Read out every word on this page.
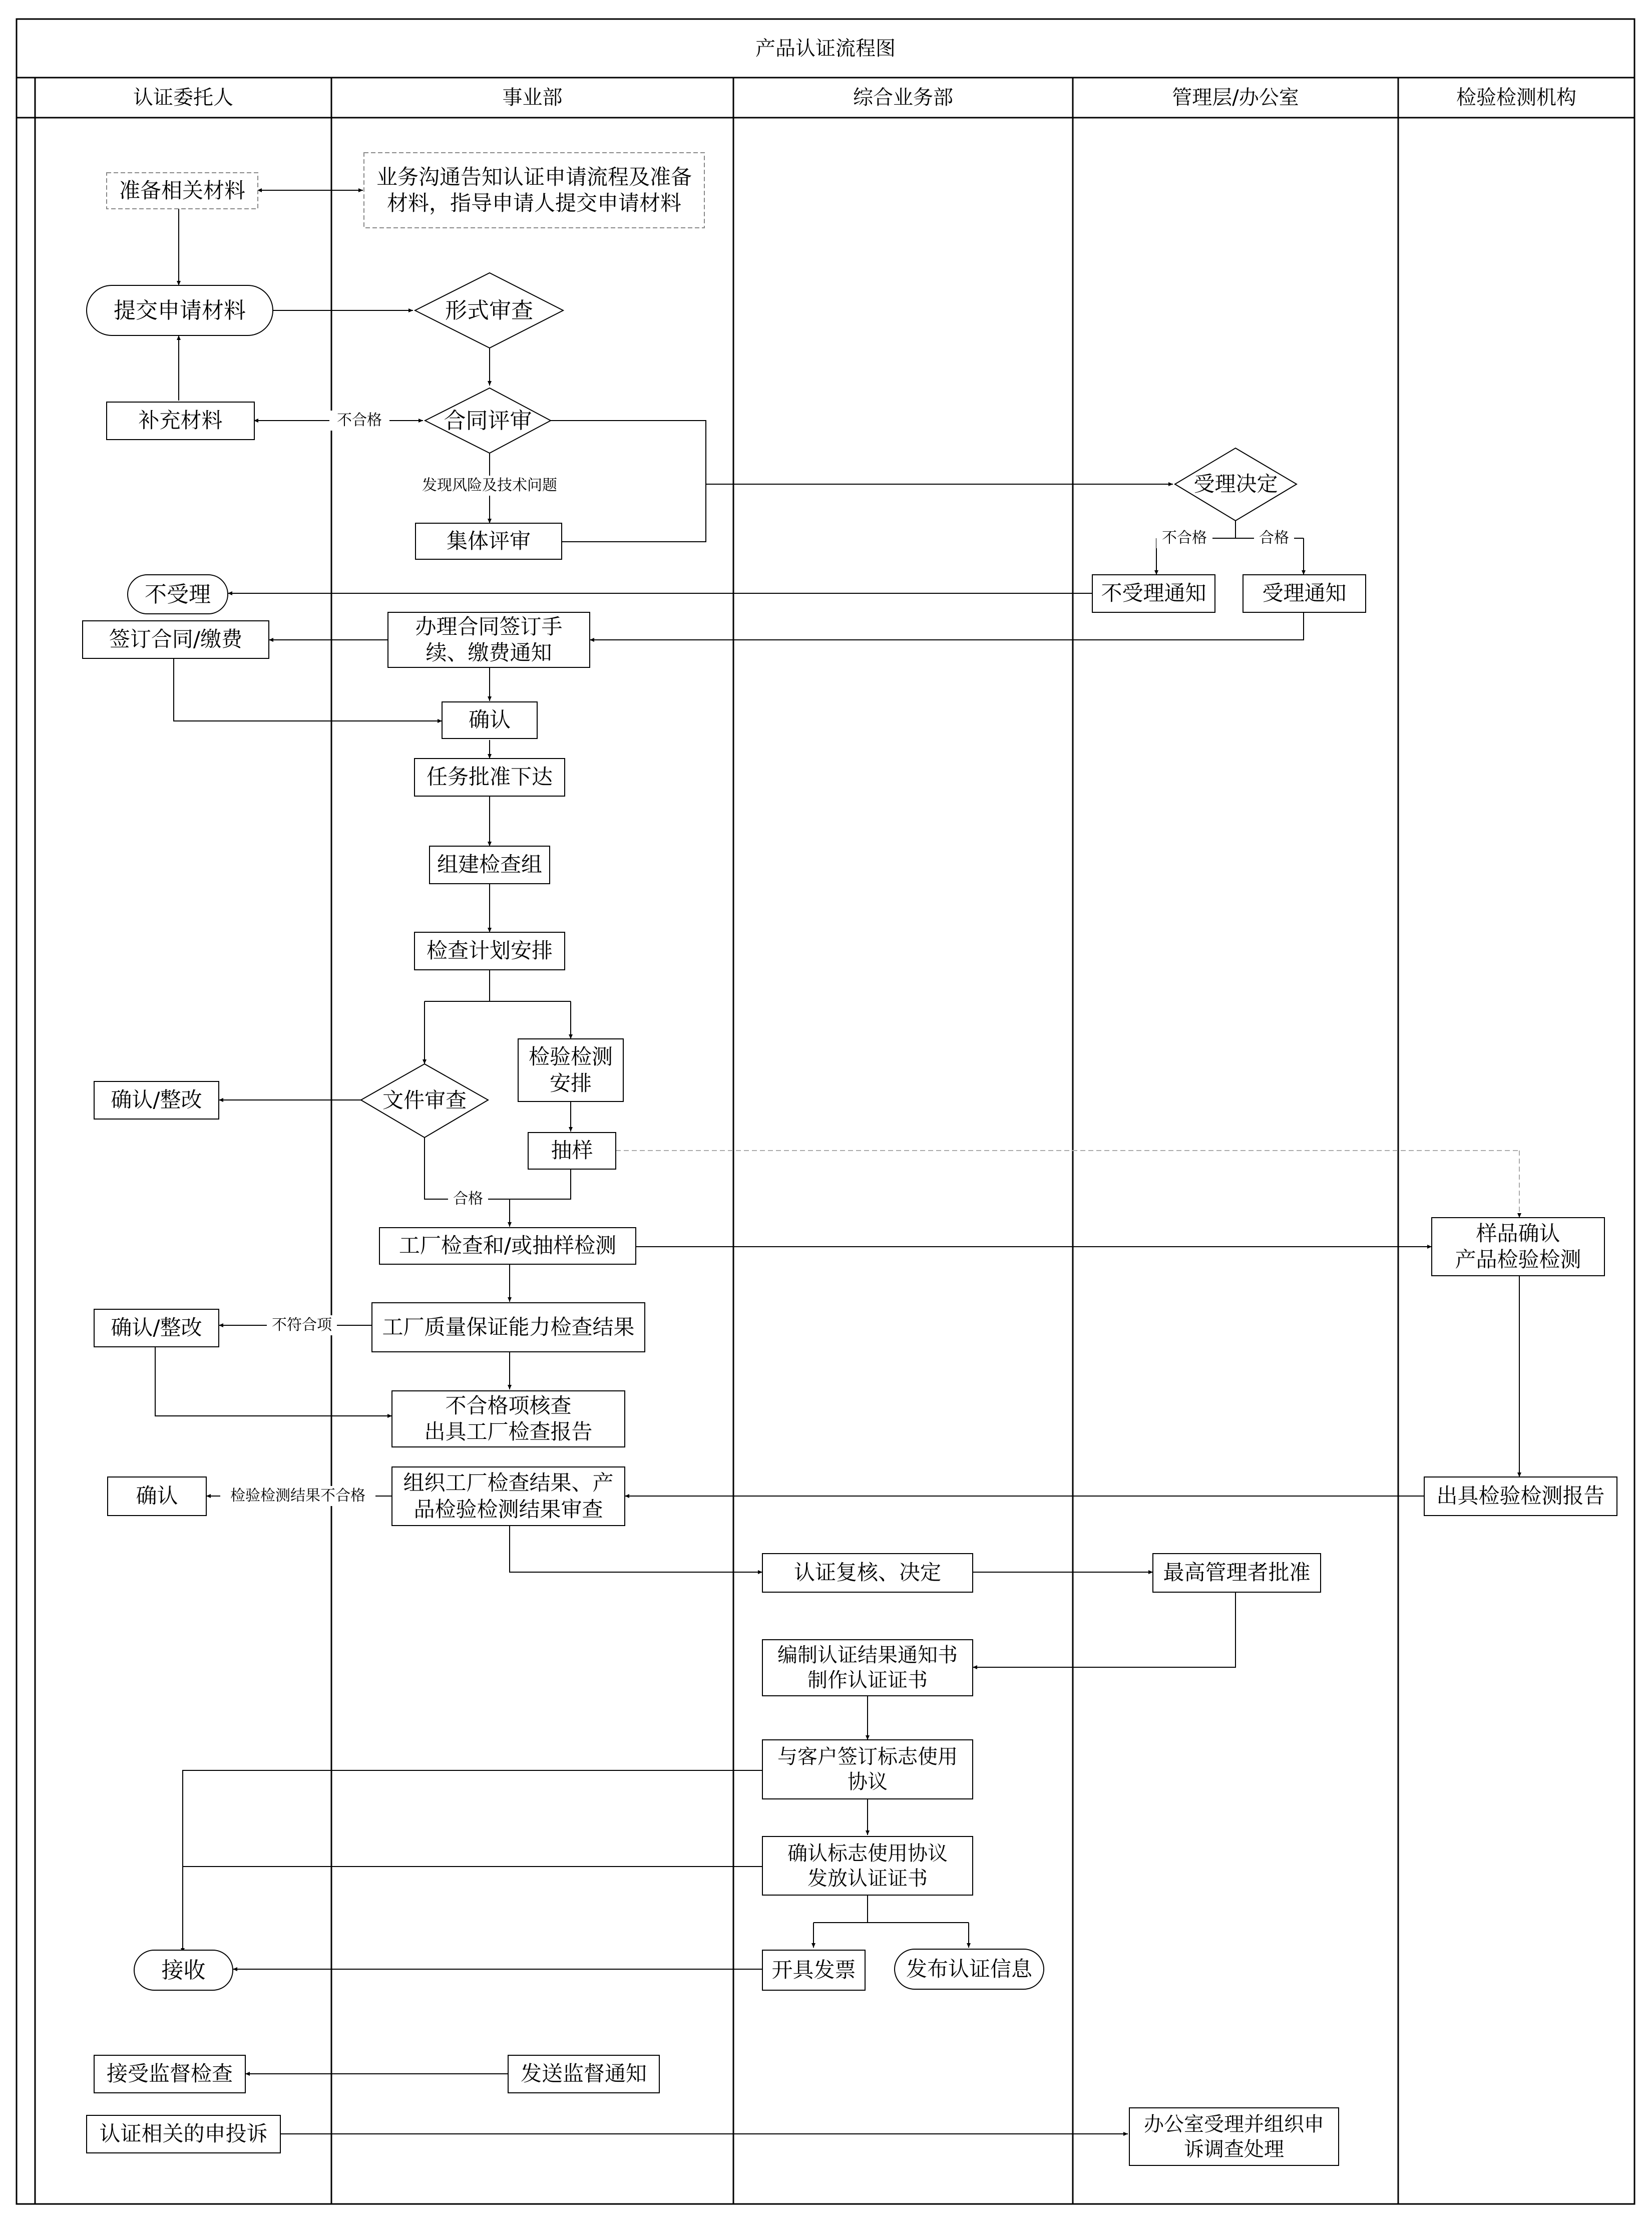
产品认证流程图
认证委托人	事业部	综合业务部	管理层/办公室	检验检测机构
准备相关材料
业务沟通告知认证申请流程及准备
材料，指导申请人提交申请材料
提交申请材料	形式审查
补充材料	合同评审
集体评审
受理决定
不受理	不受理通知	受理通知
签订合同/缴费
办理合同签订手
续、缴费通知
确认
任务批准下达
组建检查组
检查计划安排
文件审查
检验检测
安排
确认/整改
抽样
工厂检查和/或抽样检测
样品确认
产品检验检测
工厂质量保证能力检查结果
确认/整改
不合格项核查
出具工厂检查报告
组织工厂检查结果、产
品检验检测结果审查
确认	出具检验检测报告
认证复核、决定	最高管理者批准
编制认证结果通知书
制作认证证书
与客户签订标志使用
协议
确认标志使用协议
发放认证证书
接收	开具发票	发布认证信息
接受监督检查	发送监督通知
认证相关的申投诉	办公室受理并组织申
诉调查处理
不合格
发现风险及技术问题
不合格	合格
合格
不符合项
检验检测结果不合格
